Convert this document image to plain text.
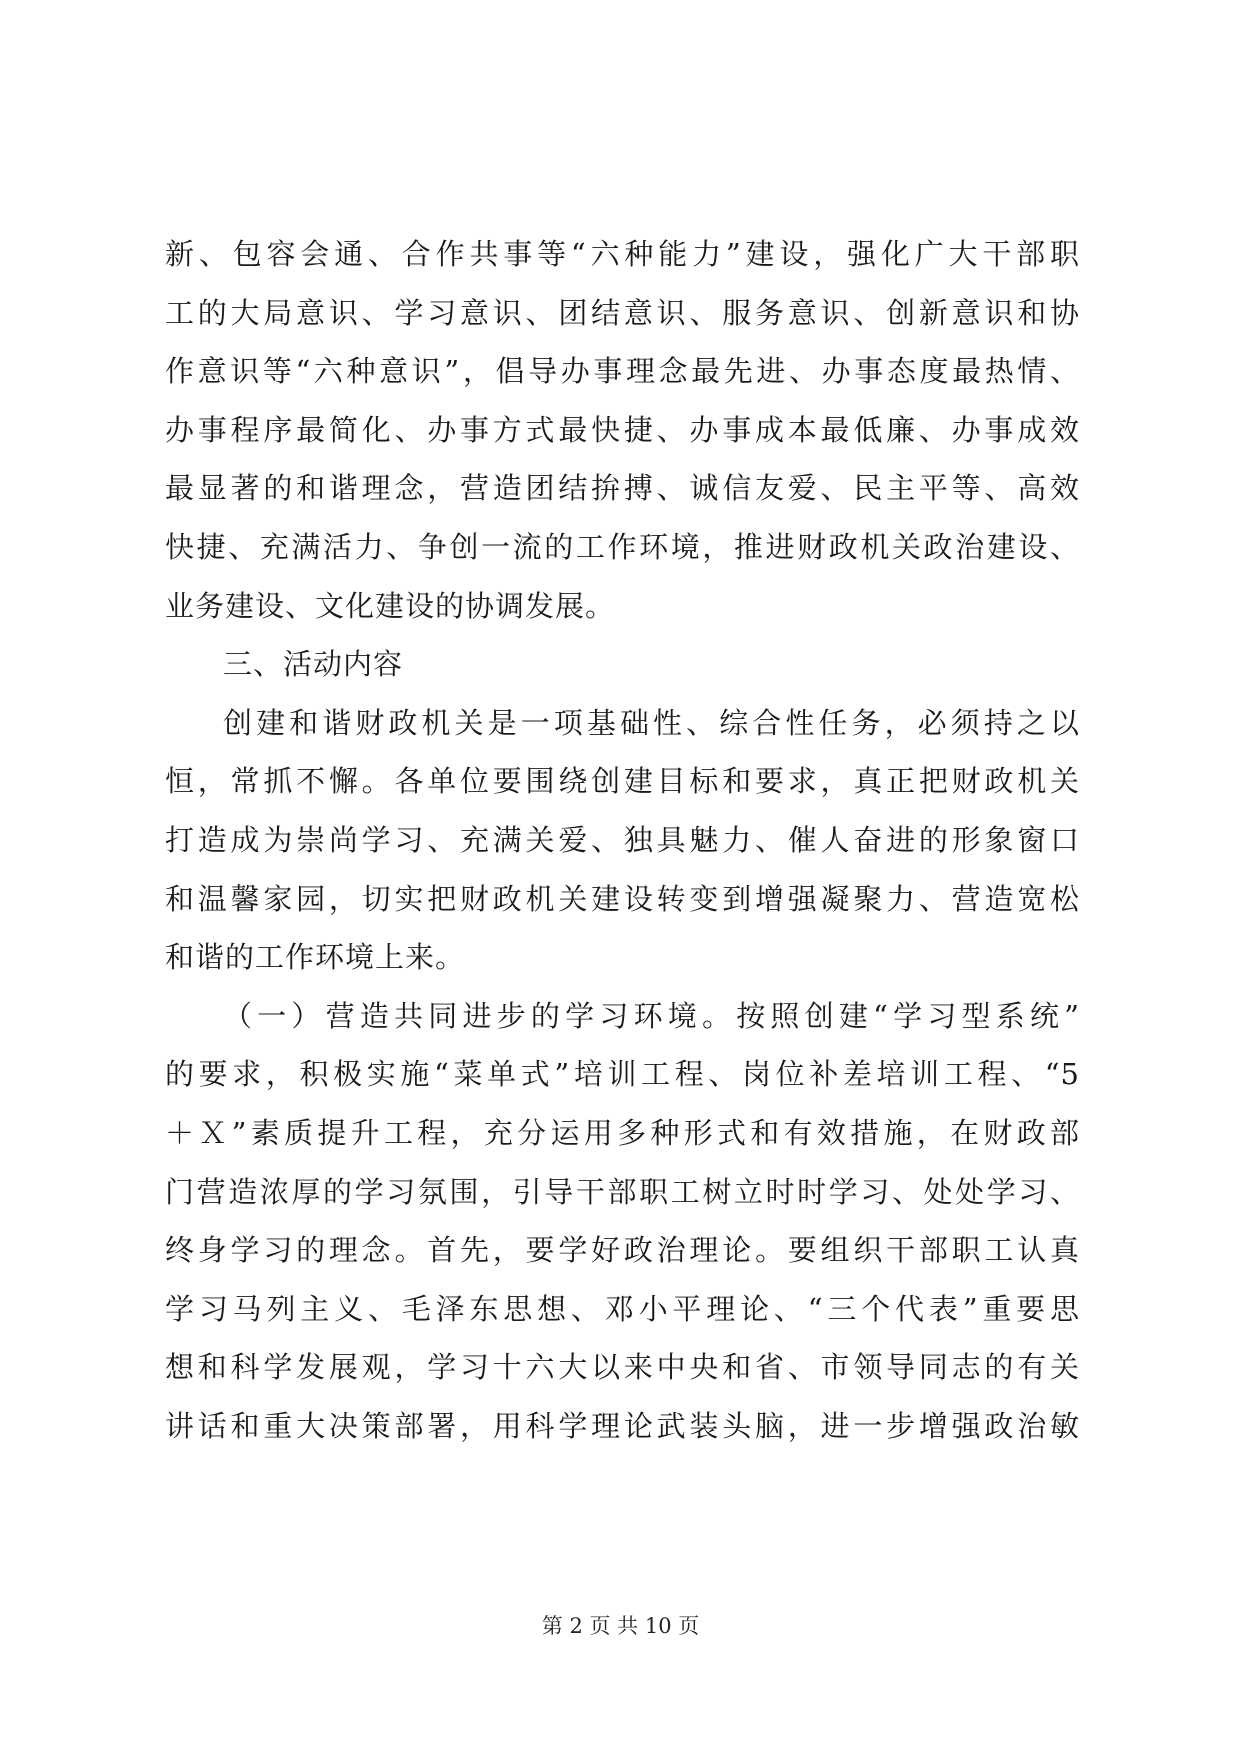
新、包容会通、合作共事等“六种能力”建设，强化广大干部职
工的大局意识、学习意识、团结意识、服务意识、创新意识和协
作意识等“六种意识”，倡导办事理念最先进、办事态度最热情、
办事程序最简化、办事方式最快捷、办事成本最低廉、办事成效
最显著的和谐理念，营造团结拚搏、诚信友爱、民主平等、高效
快捷、充满活力、争创一流的工作环境，推进财政机关政治建设、
业务建设、文化建设的协调发展。
三、活动内容
创建和谐财政机关是一项基础性、综合性任务，必须持之以
恒，常抓不懈。各单位要围绕创建目标和要求，真正把财政机关
打造成为崇尚学习、充满关爱、独具魅力、催人奋进的形象窗口
和温馨家园，切实把财政机关建设转变到增强凝聚力、营造宽松
和谐的工作环境上来。
（一）营造共同进步的学习环境。按照创建“学习型系统”
的要求，积极实施“菜单式”培训工程、岗位补差培训工程、“5
＋Ｘ”素质提升工程，充分运用多种形式和有效措施，在财政部
门营造浓厚的学习氛围，引导干部职工树立时时学习、处处学习、
终身学习的理念。首先，要学好政治理论。要组织干部职工认真
学习马列主义、毛泽东思想、邓小平理论、“三个代表”重要思
想和科学发展观，学习十六大以来中央和省、市领导同志的有关
讲话和重大决策部署，用科学理论武装头脑，进一步增强政治敏
第 2 页 共 10 页
